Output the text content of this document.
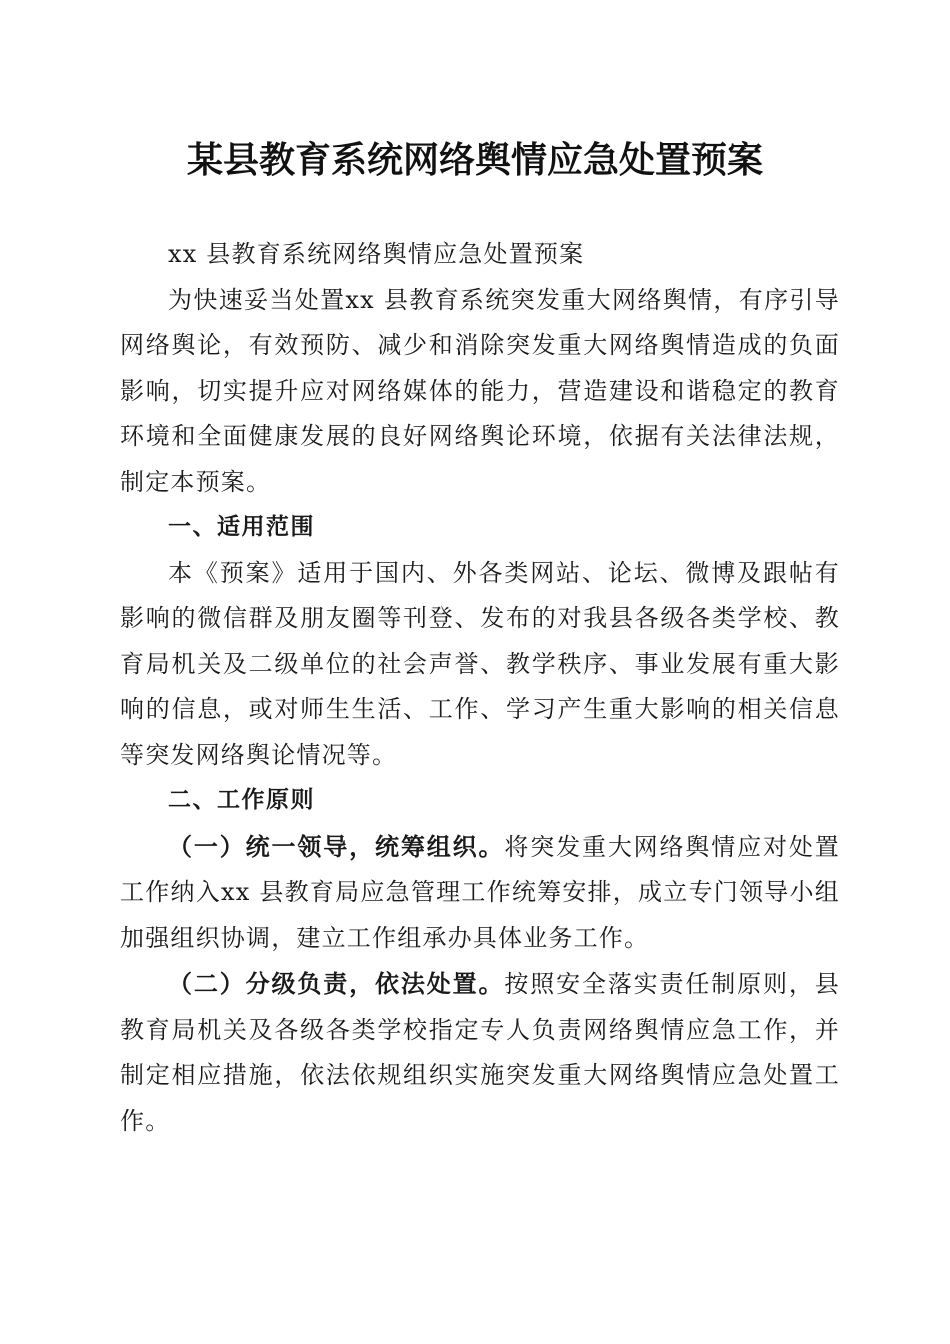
某县教育系统网络舆情应急处置预案

xx 县教育系统网络舆情应急处置预案

为快速妥当处置xx 县教育系统突发重大网络舆情，有序引导网络舆论，有效预防、减少和消除突发重大网络舆情造成的负面影响，切实提升应对网络媒体的能力，营造建设和谐稳定的教育环境和全面健康发展的良好网络舆论环境，依据有关法律法规，制定本预案。

一、适用范围

本《预案》适用于国内、外各类网站、论坛、微博及跟帖有影响的微信群及朋友圈等刊登、发布的对我县各级各类学校、教育局机关及二级单位的社会声誉、教学秩序、事业发展有重大影响的信息，或对师生生活、工作、学习产生重大影响的相关信息等突发网络舆论情况等。

二、工作原则

（一）统一领导，统筹组织。将突发重大网络舆情应对处置工作纳入xx 县教育局应急管理工作统筹安排，成立专门领导小组加强组织协调，建立工作组承办具体业务工作。

（二）分级负责，依法处置。按照安全落实责任制原则，县教育局机关及各级各类学校指定专人负责网络舆情应急工作，并制定相应措施，依法依规组织实施突发重大网络舆情应急处置工作。
